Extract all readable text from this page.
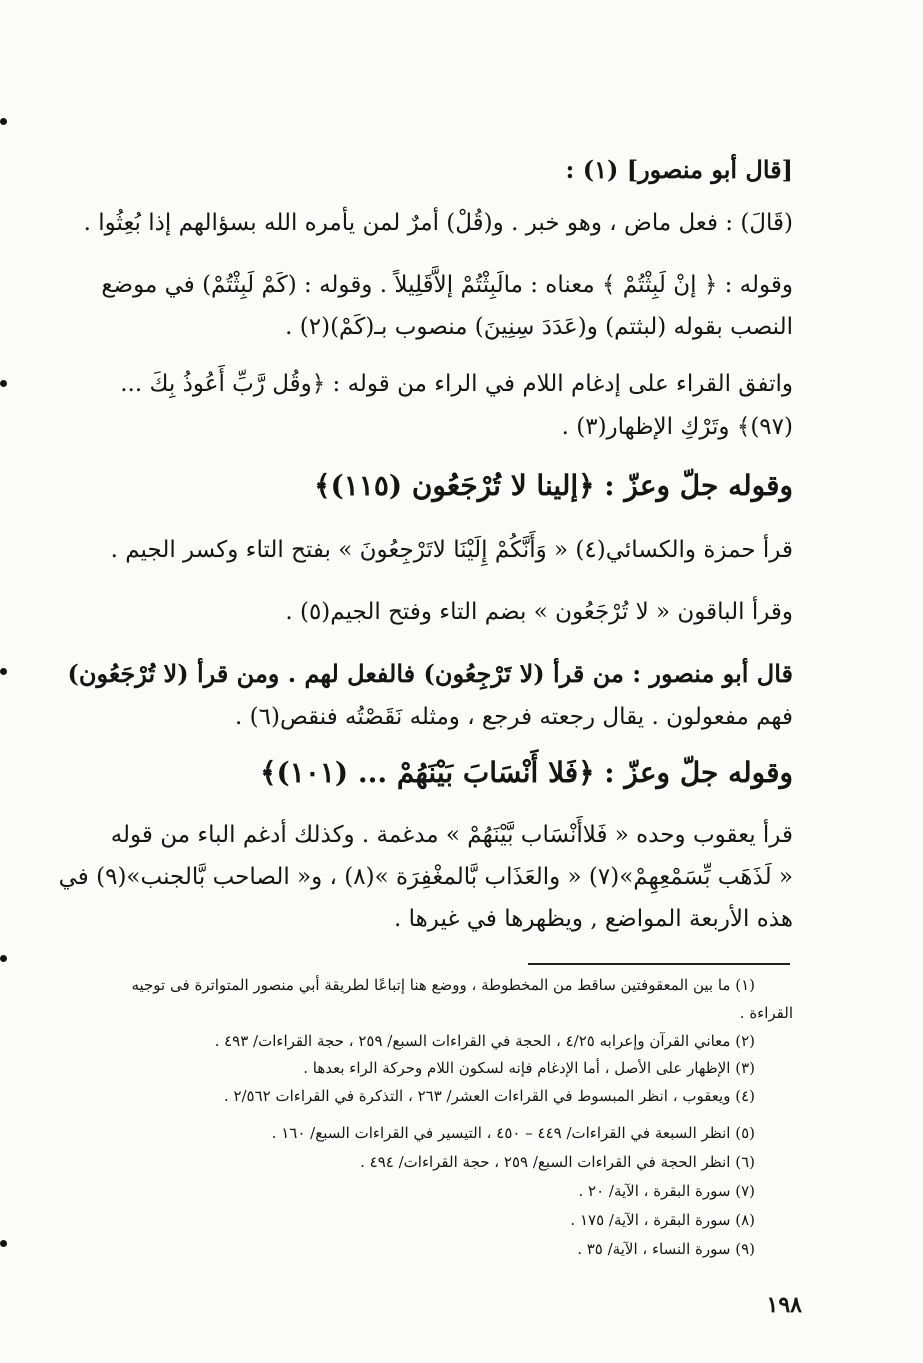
[قال أبو منصور] (١) :
(قَالَ) : فعل ماض ، وهو خبر . و(قُلْ) أمرٌ لمن يأمره الله بسؤالهم إذا بُعِثُوا .
وقوله : ﴿ إنْ لَبِثْتُمْ ﴾ معناه : مالَبِثْتُمْ إلاَّقَلِيلاً . وقوله : (كَمْ لَبِثْتُمْ) في موضع
النصب بقوله (لبثتم) و(عَدَدَ سِنِينَ) منصوب بـ(كَمْ)(٢) .
واتفق القراء على إدغام اللام في الراء من قوله : ﴿وقُل رَّبِّ أَعُوذُ بِكَ ...
(٩٧)﴾ وتَرْكِ الإظهار(٣) .
وقوله جلّ وعزّ : ﴿إلينا لا تُرْجَعُون (١١٥)﴾
قرأ حمزة والكسائي(٤) « وَأَنَّكُمْ إِلَيْنَا لاتَرْجِعُونَ » بفتح التاء وكسر الجيم .
وقرأ الباقون « لا تُرْجَعُون » بضم التاء وفتح الجيم(٥) .
قال أبو منصور : من قرأ (لا تَرْجِعُون) فالفعل لهم . ومن قرأ (لا تُرْجَعُون)
فهم مفعولون . يقال رجعته فرجع ، ومثله نَقَصْتُه فنقص(٦) .
وقوله جلّ وعزّ : ﴿فَلا أَنْسَابَ بَيْنَهُمْ ... (١٠١)﴾
قرأ يعقوب وحده « فَلاأَنْسَاب بَّيْنَهُمْ » مدغمة . وكذلك أدغم الباء من قوله
« لَذَهَب بِّسَمْعِهِمْ»(٧) « والعَذَاب بَّالمغْفِرَة »(٨) ، و« الصاحب بَّالجنب»(٩) في
هذه الأربعة المواضع , ويظهرها في غيرها .
(١) ما بين المعقوفتين ساقط من المخطوطة ، ووضع هنا إتباعًا لطريقة أبي منصور المتواترة فى توجيه
القراءة .
(٢) معاني القرآن وإعرابه ٤/٢٥ ، الحجة في القراءات السبع/ ٢٥٩ ، حجة القراءات/ ٤٩٣ .
(٣) الإظهار على الأصل ، أما الإدغام فإنه لسكون اللام وحركة الراء بعدها .
(٤) ويعقوب ، انظر المبسوط في القراءات العشر/ ٢٦٣ ، التذكرة في القراءات ٢/٥٦٢ .
(٥) انظر السبعة في القراءات/ ٤٤٩ – ٤٥٠ ، التيسير في القراءات السبع/ ١٦٠ .
(٦) انظر الحجة في القراءات السبع/ ٢٥٩ ، حجة القراءات/ ٤٩٤ .
(٧) سورة البقرة ، الآية/ ٢٠ .
(٨) سورة البقرة ، الآية/ ١٧٥ .
(٩) سورة النساء ، الآية/ ٣٥ .
١٩٨
